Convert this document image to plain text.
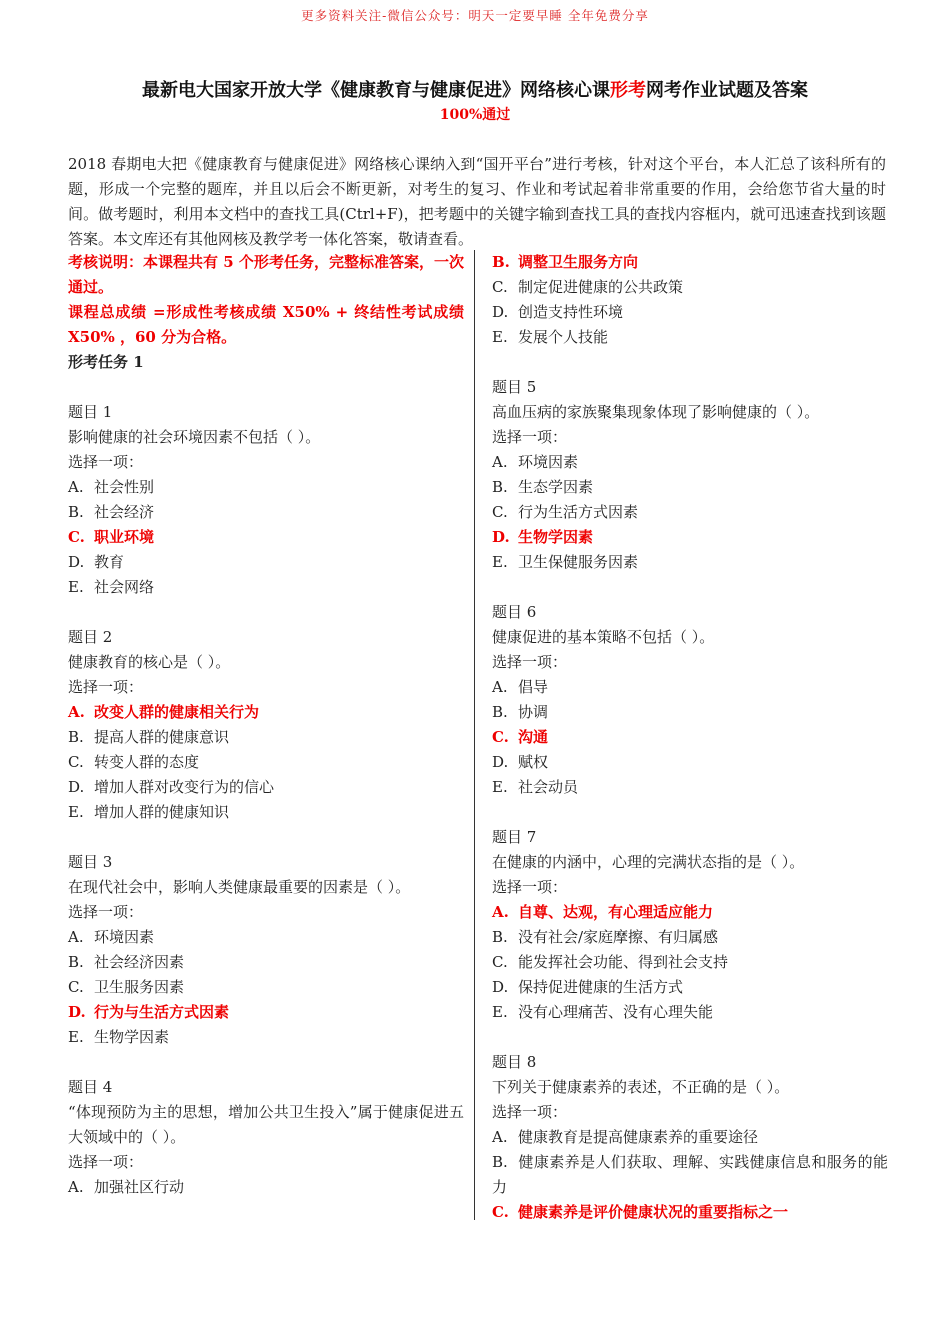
更多资料关注-微信公众号：明天一定要早睡 全年免费分享
最新电大国家开放大学《健康教育与健康促进》网络核心课形考网考作业试题及答案
100%通过
2018 春期电大把《健康教育与健康促进》网络核心课纳入到“国开平台”进行考核，针对这个平台，本人汇总了该科所有的题，形成一个完整的题库，并且以后会不断更新，对考生的复习、作业和考试起着非常重要的作用，会给您节省大量的时间。做考题时，利用本文档中的查找工具(Ctrl+F)，把考题中的关键字输到查找工具的查找内容框内，就可迅速查找到该题答案。本文库还有其他网核及教学考一体化答案，敬请查看。
考核说明：本课程共有 5 个形考任务，完整标准答案，一次通过。
课程总成绩 =形成性考核成绩 X50% + 终结性考试成绩 X50% ，60 分为合格。
形考任务 1
题目 1
影响健康的社会环境因素不包括（ ）。
选择一项：
A. 社会性别
B. 社会经济
C. 职业环境
D. 教育
E. 社会网络
题目 2
健康教育的核心是（ ）。
选择一项：
A. 改变人群的健康相关行为
B. 提高人群的健康意识
C. 转变人群的态度
D. 增加人群对改变行为的信心
E. 增加人群的健康知识
题目 3
在现代社会中，影响人类健康最重要的因素是（ ）。
选择一项：
A. 环境因素
B. 社会经济因素
C. 卫生服务因素
D. 行为与生活方式因素
E. 生物学因素
题目 4
“体现预防为主的思想，增加公共卫生投入”属于健康促进五大领域中的（ ）。
选择一项：
A. 加强社区行动
B. 调整卫生服务方向
C. 制定促进健康的公共政策
D. 创造支持性环境
E. 发展个人技能
题目 5
高血压病的家族聚集现象体现了影响健康的（ ）。
选择一项：
A. 环境因素
B. 生态学因素
C. 行为生活方式因素
D. 生物学因素
E. 卫生保健服务因素
题目 6
健康促进的基本策略不包括（ ）。
选择一项：
A. 倡导
B. 协调
C. 沟通
D. 赋权
E. 社会动员
题目 7
在健康的内涵中，心理的完满状态指的是（ ）。
选择一项：
A. 自尊、达观，有心理适应能力
B. 没有社会/家庭摩擦、有归属感
C. 能发挥社会功能、得到社会支持
D. 保持促进健康的生活方式
E. 没有心理痛苦、没有心理失能
题目 8
下列关于健康素养的表述，不正确的是（ ）。
选择一项：
A. 健康教育是提高健康素养的重要途径
B. 健康素养是人们获取、理解、实践健康信息和服务的能力
C. 健康素养是评价健康状况的重要指标之一
